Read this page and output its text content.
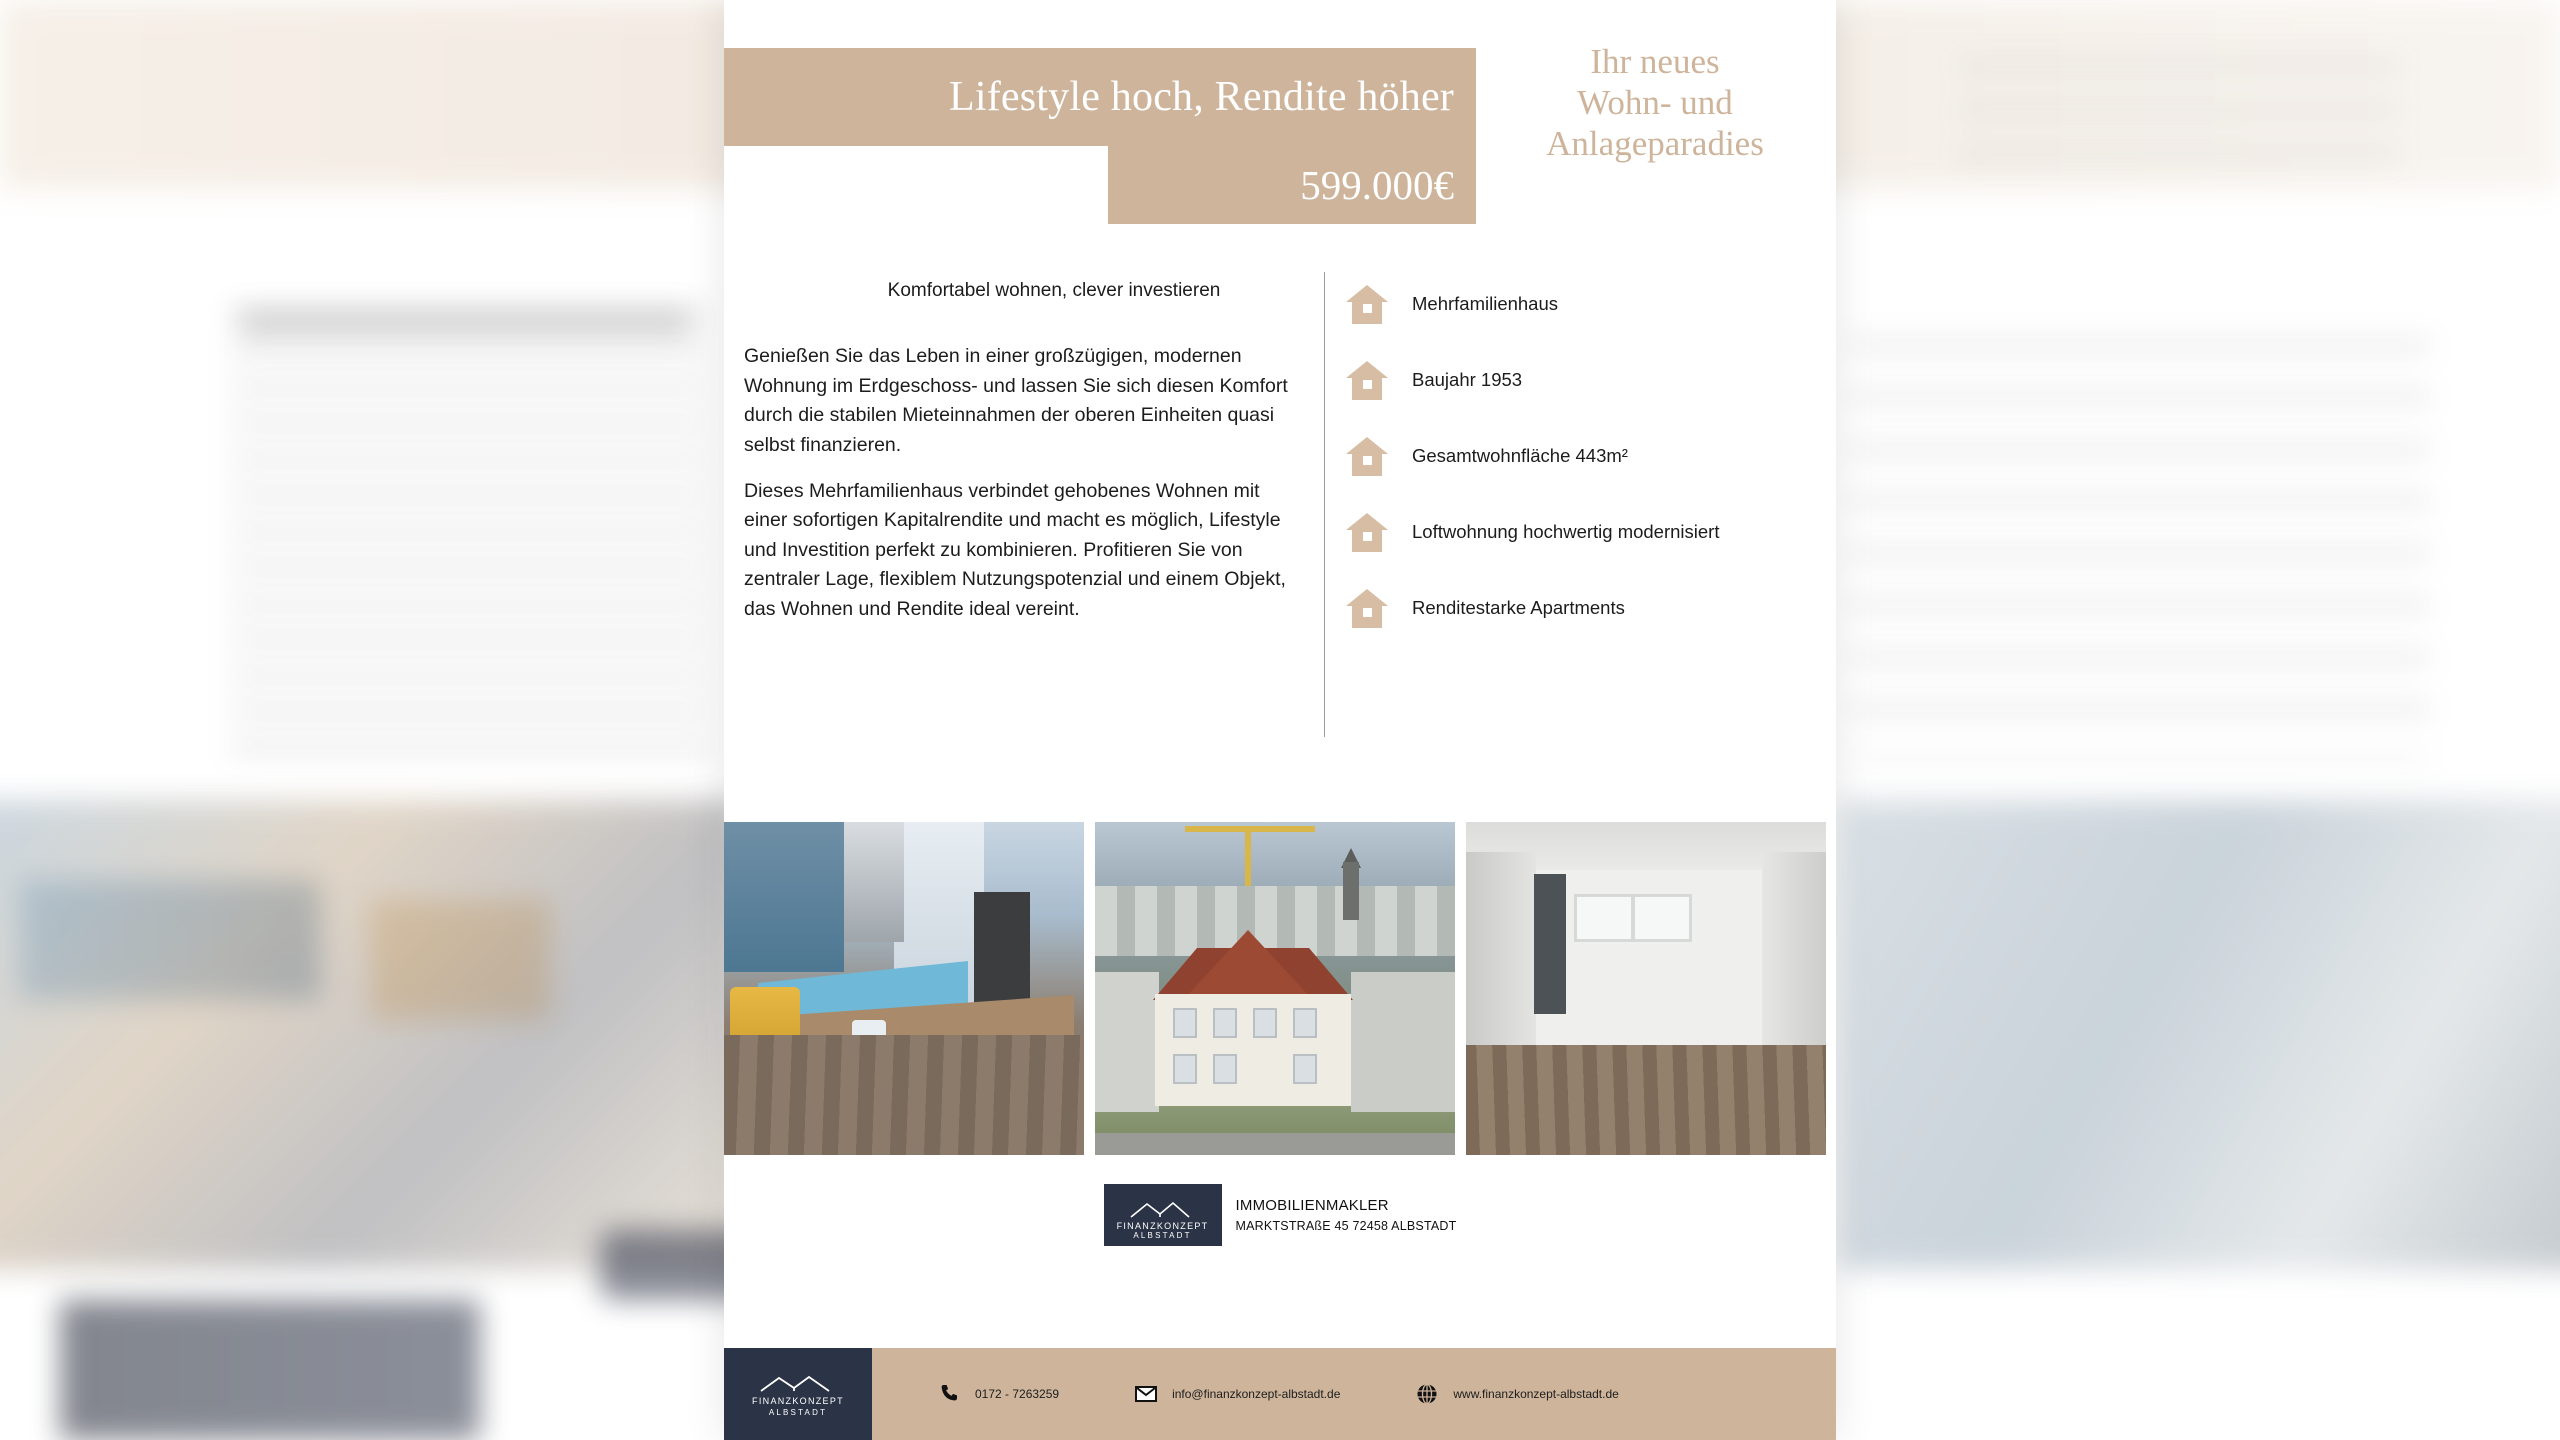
Lifestyle hoch, Rendite höher
599.000€
Ihr neues
Wohn- und
Anlageparadies
Komfortabel wohnen, clever investieren

Genießen Sie das Leben in einer großzügigen, modernen Wohnung im Erdgeschoss- und lassen Sie sich diesen Komfort durch die stabilen Mieteinnahmen der oberen Einheiten quasi selbst finanzieren.

Dieses Mehrfamilienhaus verbindet gehobenes Wohnen mit einer sofortigen Kapitalrendite und macht es möglich, Lifestyle und Investition perfekt zu kombinieren. Profitieren Sie von zentraler Lage, flexiblem Nutzungspotenzial und einem Objekt, das Wohnen und Rendite ideal vereint.

Mehrfamilienhaus
Baujahr 1953
Gesamtwohnfläche 443m²
Loftwohnung hochwertig modernisiert
Renditestarke Apartments
FINANZKONZEPT
ALBSTADT
IMMOBILIENMAKLER
MARKTSTRAßE 45 72458 ALBSTADT
FINANZKONZEPT
ALBSTADT
0172 - 7263259	info@finanzkonzept-albstadt.de	www.finanzkonzept-albstadt.de
